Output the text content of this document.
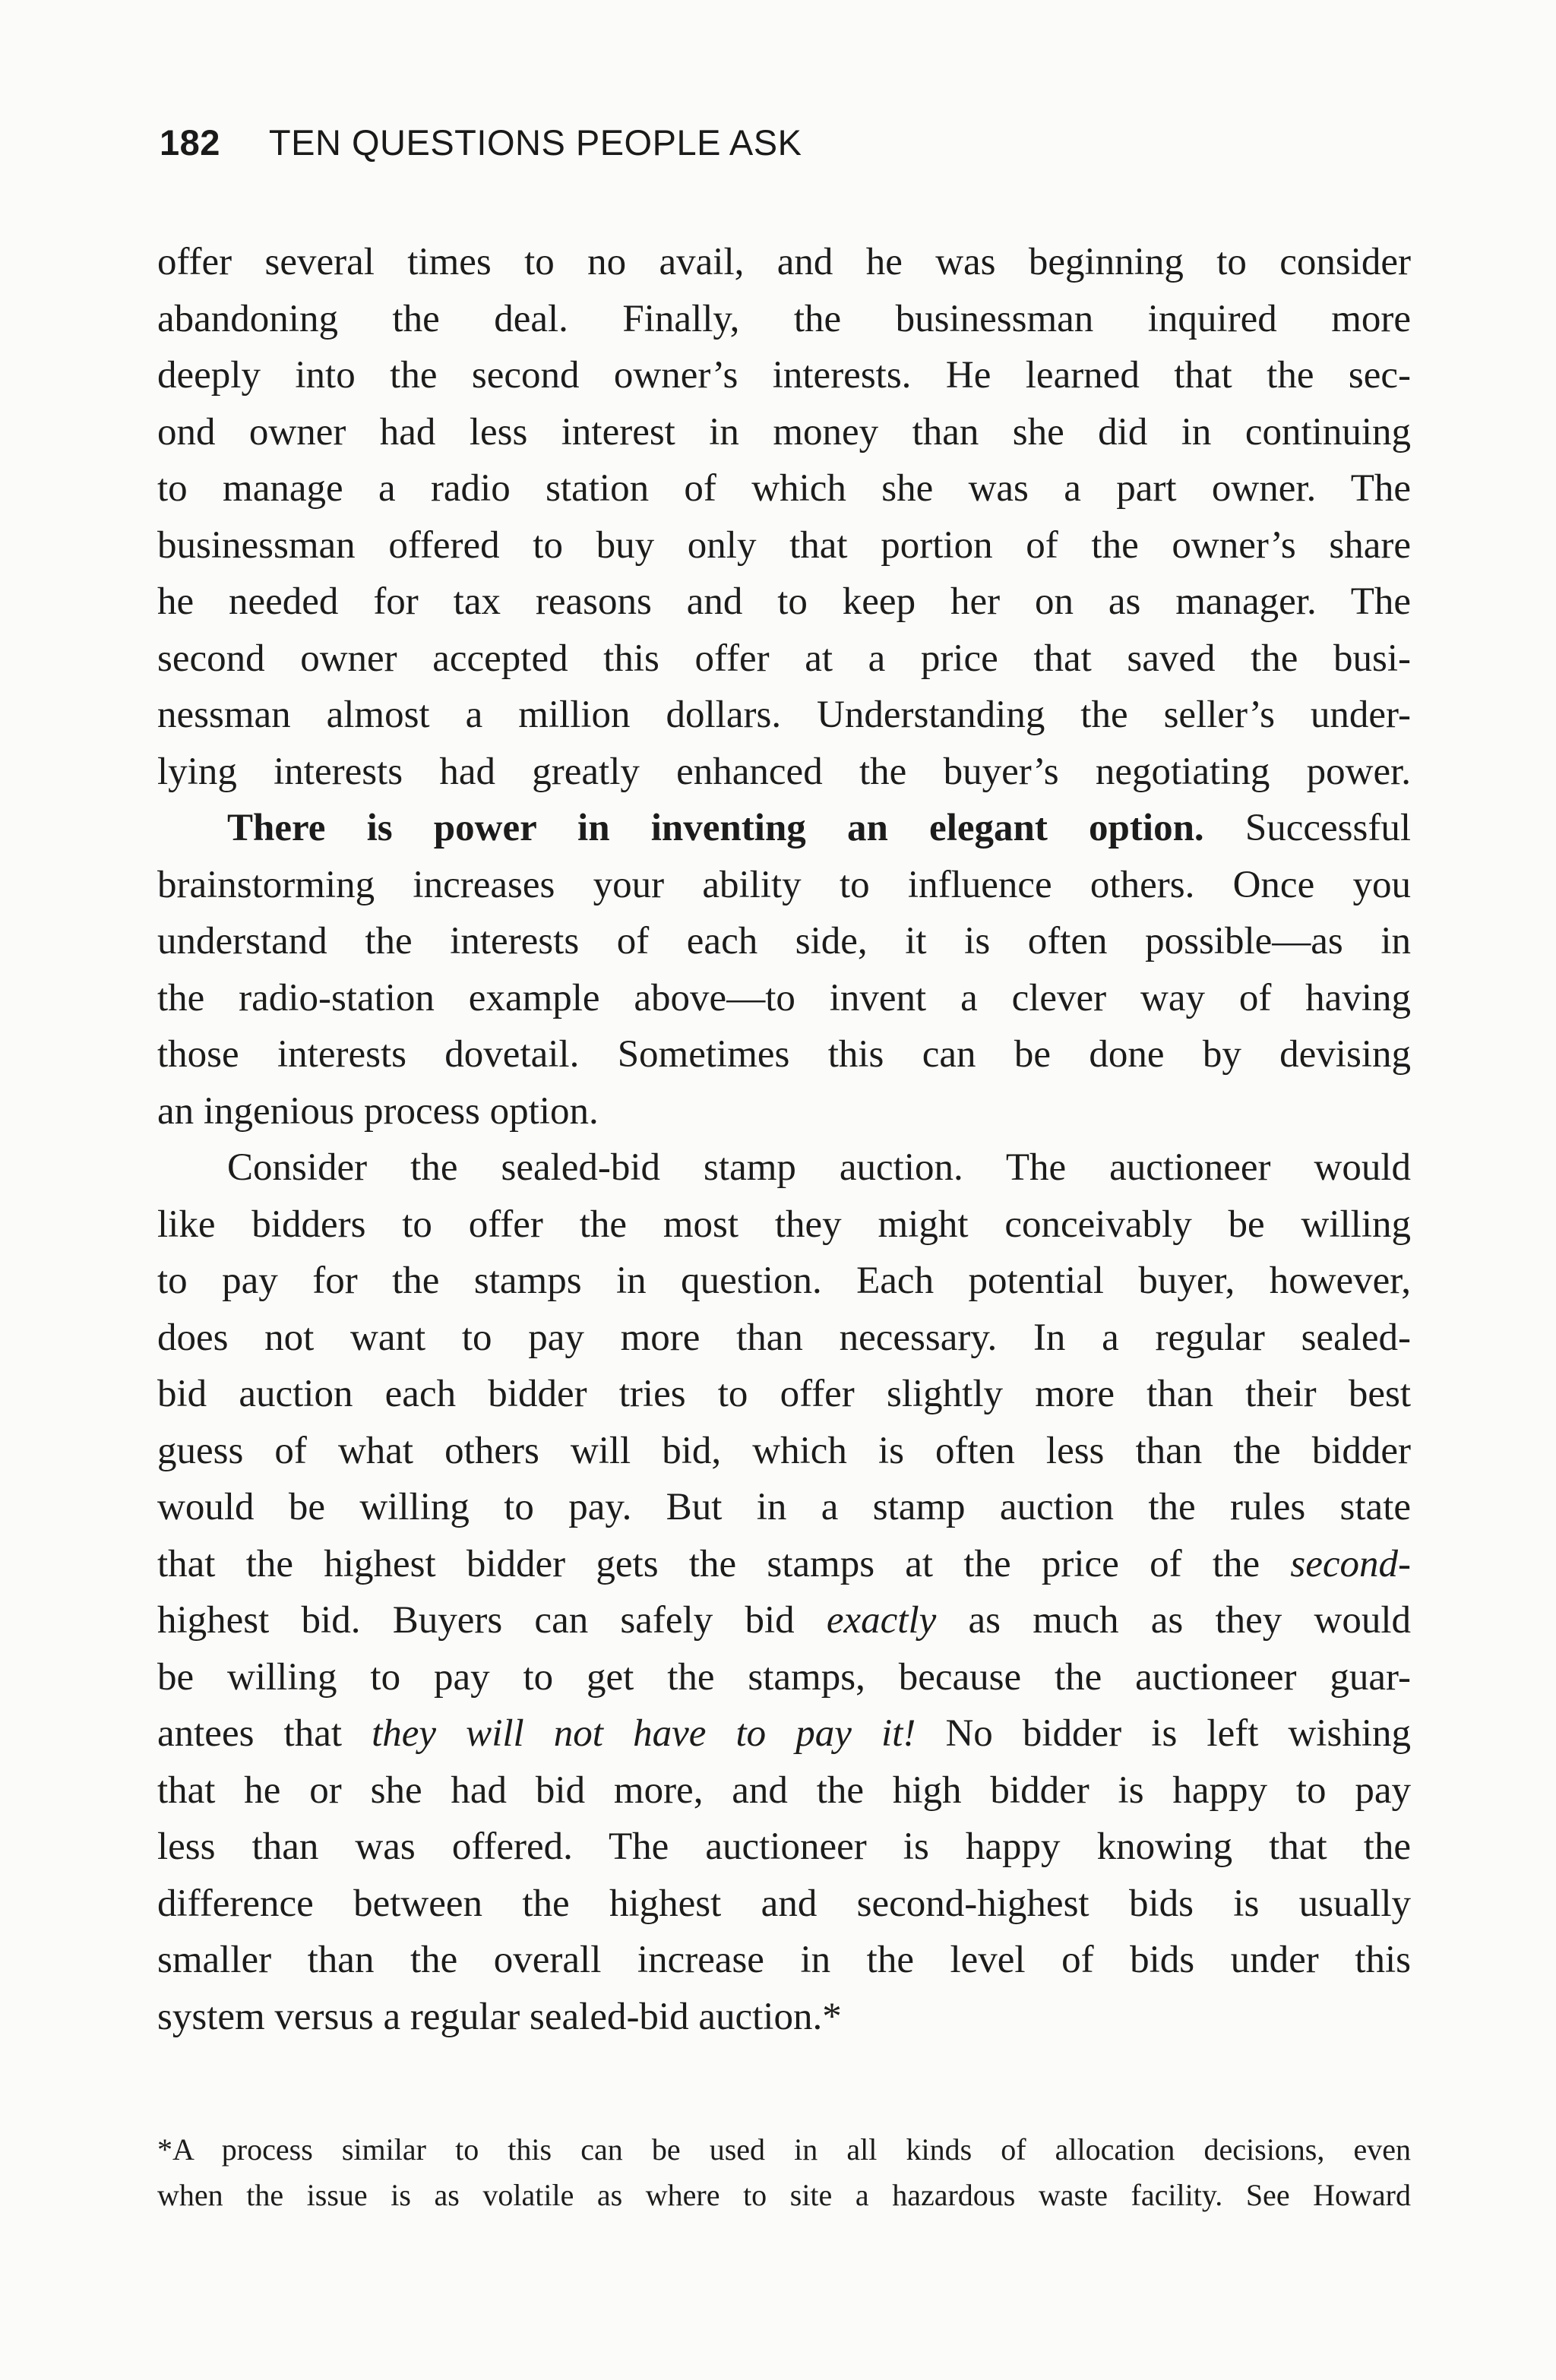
182 TEN QUESTIONS PEOPLE ASK

offer several times to no avail, and he was beginning to consider
abandoning the deal. Finally, the businessman inquired more
deeply into the second owner’s interests. He learned that the sec-
ond owner had less interest in money than she did in continuing
to manage a radio station of which she was a part owner. The
businessman offered to buy only that portion of the owner’s share
he needed for tax reasons and to keep her on as manager. The
second owner accepted this offer at a price that saved the busi-
nessman almost a million dollars. Understanding the seller’s under-
lying interests had greatly enhanced the buyer’s negotiating power.

There is power in inventing an elegant option. Successful
brainstorming increases your ability to influence others. Once you
understand the interests of each side, it is often possible—as in
the radio-station example above—to invent a clever way of having
those interests dovetail. Sometimes this can be done by devising
an ingenious process option.

Consider the sealed-bid stamp auction. The auctioneer would
like bidders to offer the most they might conceivably be willing
to pay for the stamps in question. Each potential buyer, however,
does not want to pay more than necessary. In a regular sealed-
bid auction each bidder tries to offer slightly more than their best
guess of what others will bid, which is often less than the bidder
would be willing to pay. But in a stamp auction the rules state
that the highest bidder gets the stamps at the price of the second-
highest bid. Buyers can safely bid exactly as much as they would
be willing to pay to get the stamps, because the auctioneer guar-
antees that they will not have to pay it! No bidder is left wishing
that he or she had bid more, and the high bidder is happy to pay
less than was offered. The auctioneer is happy knowing that the
difference between the highest and second-highest bids is usually
smaller than the overall increase in the level of bids under this
system versus a regular sealed-bid auction.*

*A process similar to this can be used in all kinds of allocation decisions, even
when the issue is as volatile as where to site a hazardous waste facility. See Howard
